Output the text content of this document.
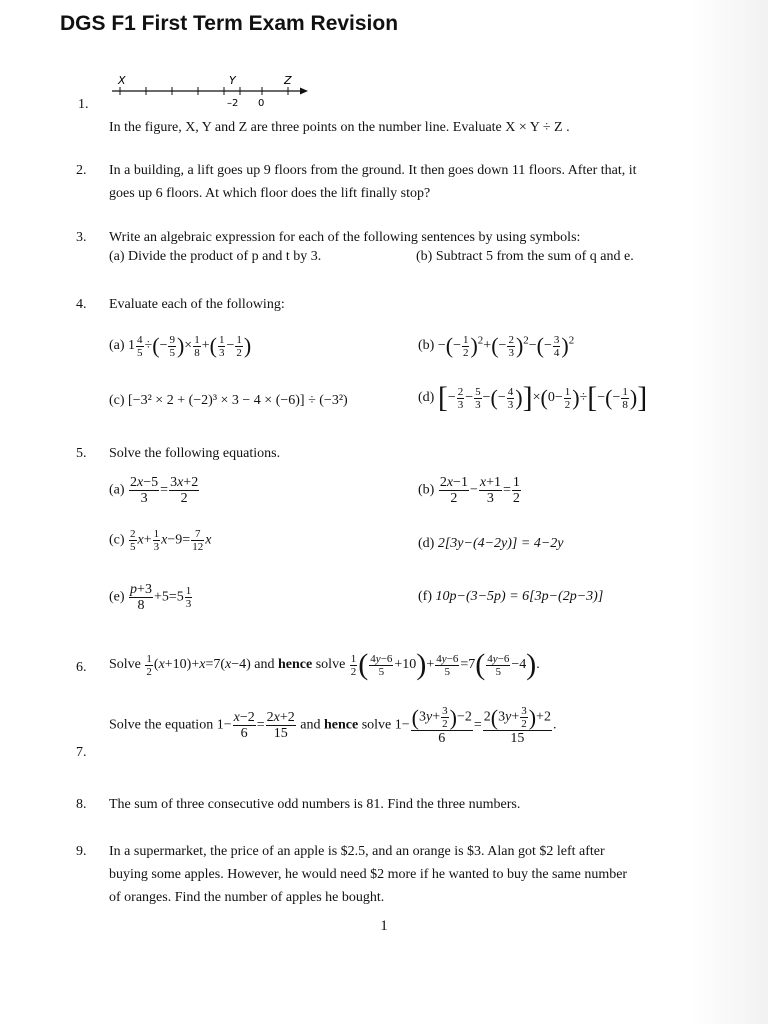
DGS F1 First Term Exam Revision
X	Y	Z
–2 0
1.
In the figure, X, Y and Z are three points on the number line. Evaluate X × Y ÷ Z .
2. In a building, a lift goes up 9 floors from the ground. It then goes down 11 floors. After that, it
goes up 6 floors. At which floor does the lift finally stop?
3. Write an algebraic expression for each of the following sentences by using symbols:
(a) Divide the product of p and t by 3.	(b) Subtract 5 from the sum of q and e.
4. Evaluate each of the following:
(a) $1 \frac{4}{5}$ ÷(− $\frac{9}{5}$ )× $\frac{1}{8}$ +( $\frac{1}{3} - \frac{1}{2}$ )	(b) −(− $\frac{1}{2} )^2+(- \frac{2}{3} )^2-(- \frac{3}{4} )^2$
(c) [−3² × 2 + (−2)³ × 3 − 4 × (−6)] ÷ (−3²)	(d) [− $\frac{2}{3} - \frac{5}{3}$ −(− $\frac{4}{3} )]\times(0- \frac{1}{2}$ )÷[−(− $\frac{1}{8}$ )]
5. Solve the following equations.
$(a) \frac{2x-5}{3} = \frac{3x+2}{2}$	$(b) \frac{2x-1}{2} - \frac{x+1}{3} = \frac{1}{2}$
$(c) \frac{2}{5} x+ \frac{1}{3} x-9= \frac{7}{12}$ x	(d) 2[3y−(4−2y)] = 4−2y
$(e) \frac{p+3}{8} +5=5 \frac{1}{3}$	(f) 10p−(3−5p) = 6[3p−(2p−3)]
6. Solve $\frac{1}{2} (x+10)+x=7(x-4)$ and hence solve $\frac{1}{2}$ ( $\frac{4y-6}{5} +10)+ \frac{4y-6}{5} =7( \frac{4y-6}{5} -4)$.
7.
Solve the equation $1- \frac{x-2}{6} = \frac{2x+2}{15}$ and hence solve $1- \frac{(3y+ \frac{3}{2} )-2}{6} = \frac{2(3y+ \frac{3}{2} )+2}{15}$ .
8. The sum of three consecutive odd numbers is 81. Find the three numbers.
9. In a supermarket, the price of an apple is $2.5, and an orange is $3. Alan got $2 left after
buying some apples. However, he would need $2 more if he wanted to buy the same number
of oranges. Find the number of apples he bought.
1
